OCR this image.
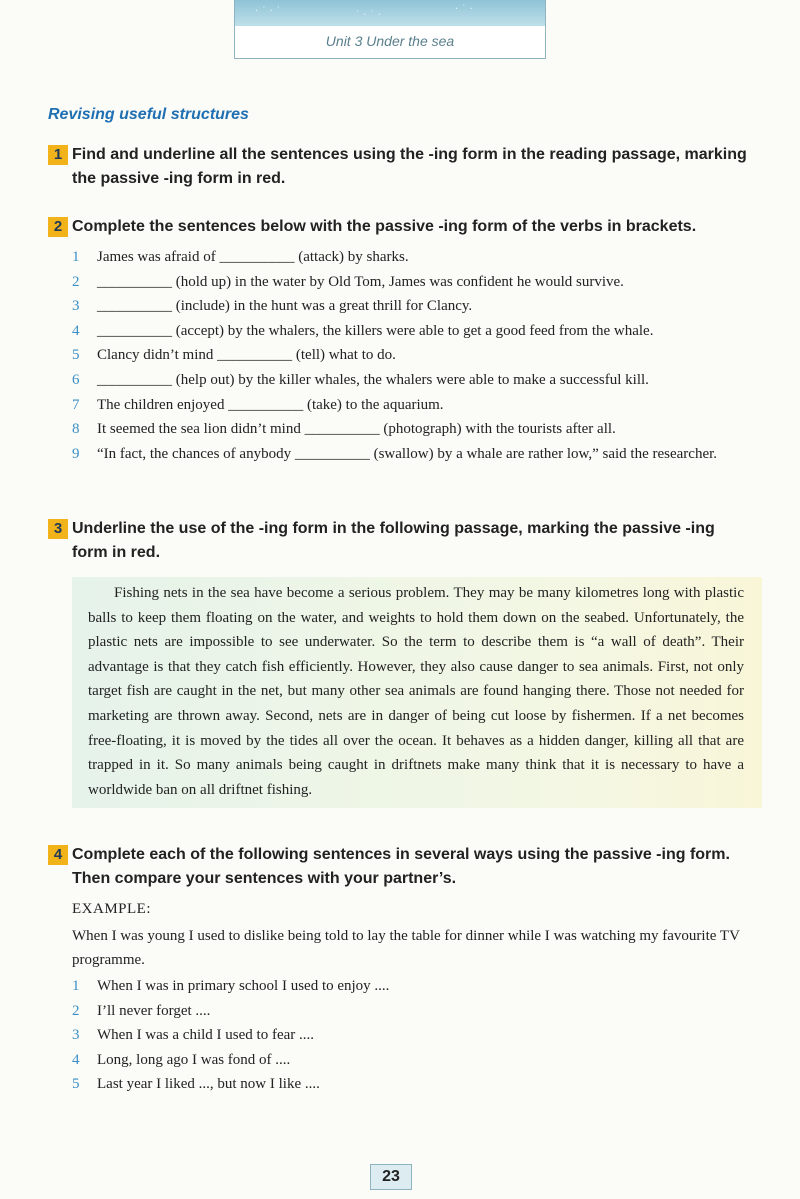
· ˙ · ˙	˙ · ˙ ·
· ˙ ·
Unit 3 Under the sea
Revising useful structures
1 Find and underline all the sentences using the -ing form in the reading passage, marking the passive -ing form in red.
2 Complete the sentences below with the passive -ing form of the verbs in brackets.
1	James was afraid of __________ (attack) by sharks.
2	__________ (hold up) in the water by Old Tom, James was confident he would survive.
3	__________ (include) in the hunt was a great thrill for Clancy.
4	__________ (accept) by the whalers, the killers were able to get a good feed from the whale.
5	Clancy didn’t mind __________ (tell) what to do.
6	__________ (help out) by the killer whales, the whalers were able to make a successful kill.
7	The children enjoyed __________ (take) to the aquarium.
8	It seemed the sea lion didn’t mind __________ (photograph) with the tourists after all.
9	“In fact, the chances of anybody __________ (swallow) by a whale are rather low,” said the researcher.
3 Underline the use of the -ing form in the following passage, marking the passive -ing form in red.
Fishing nets in the sea have become a serious problem. They may be many kilometres long with plastic balls to keep them floating on the water, and weights to hold them down on the seabed. Unfortunately, the plastic nets are impossible to see underwater. So the term to describe them is “a wall of death”. Their advantage is that they catch fish efficiently. However, they also cause danger to sea animals. First, not only target fish are caught in the net, but many other sea animals are found hanging there. Those not needed for marketing are thrown away. Second, nets are in danger of being cut loose by fishermen. If a net becomes free-floating, it is moved by the tides all over the ocean. It behaves as a hidden danger, killing all that are trapped in it. So many animals being caught in driftnets make many think that it is necessary to have a worldwide ban on all driftnet fishing.
4 Complete each of the following sentences in several ways using the passive -ing form. Then compare your sentences with your partner’s.
EXAMPLE:
When I was young I used to dislike being told to lay the table for dinner while I was watching my favourite TV programme.
1	When I was in primary school I used to enjoy ....
2	I’ll never forget ....
3	When I was a child I used to fear ....
4	Long, long ago I was fond of ....
5	Last year I liked ..., but now I like ....
23
